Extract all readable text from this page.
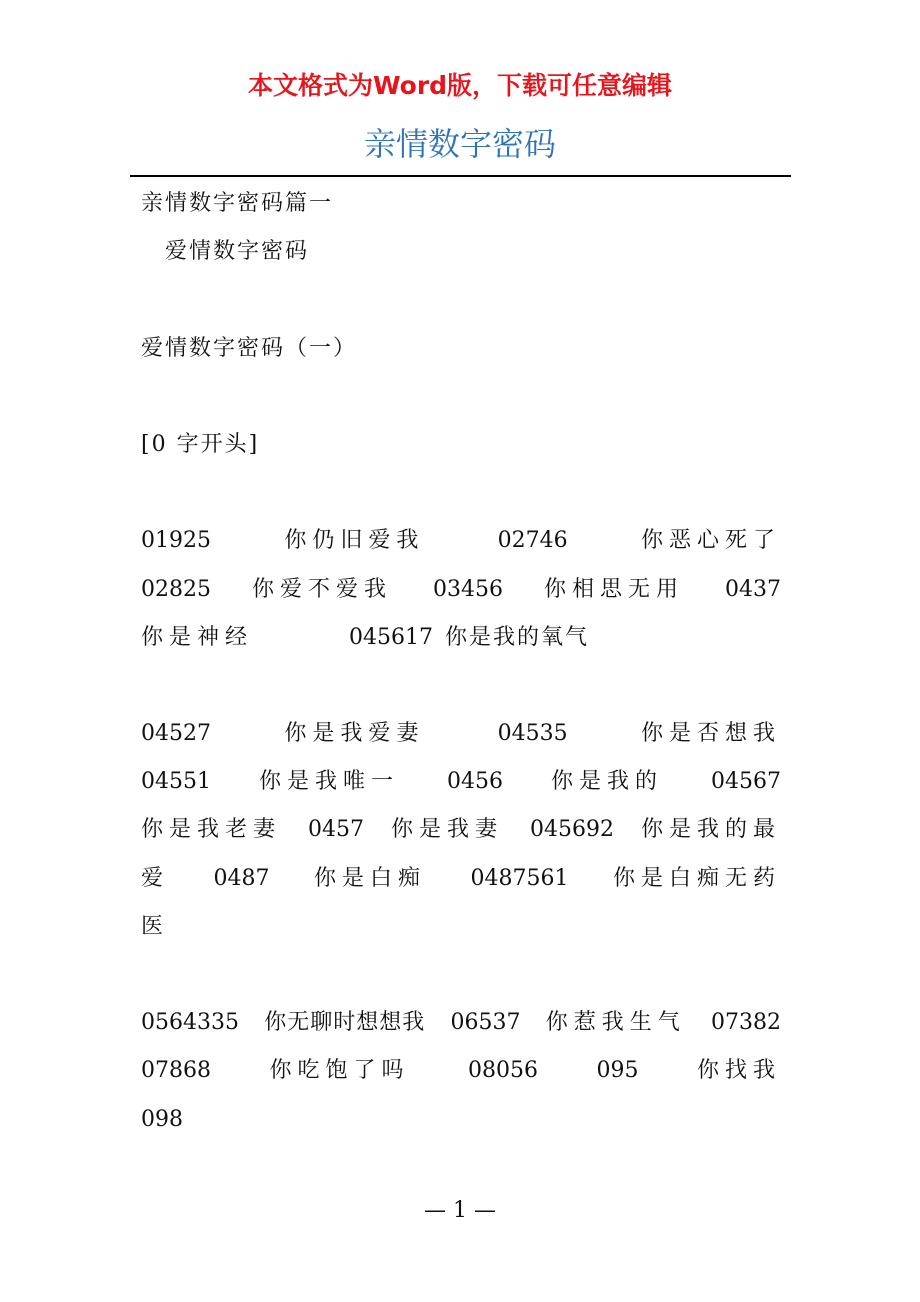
本文格式为Word版，下载可任意编辑
亲情数字密码
亲情数字密码篇一
爱情数字密码
爱情数字密码（一）
[0 字开头]
01925	你仍旧爱我	02746	你恶心死了
02825 你爱不爱我 03456 你相思无用 0437
你是神经	045617 你是我的氧气
04527	你是我爱妻	04535	你是否想我
04551 你是我唯一 0456 你是我的 04567
你是我老妻 0457 你是我妻 045692 你是我的最
爱 0487 你是白痴 0487561 你是白痴无药
医
0564335 你无聊时想想我 06537 你惹我生气 07382
07868	你吃饱了吗	08056	095	你找我
098
— 1 —
